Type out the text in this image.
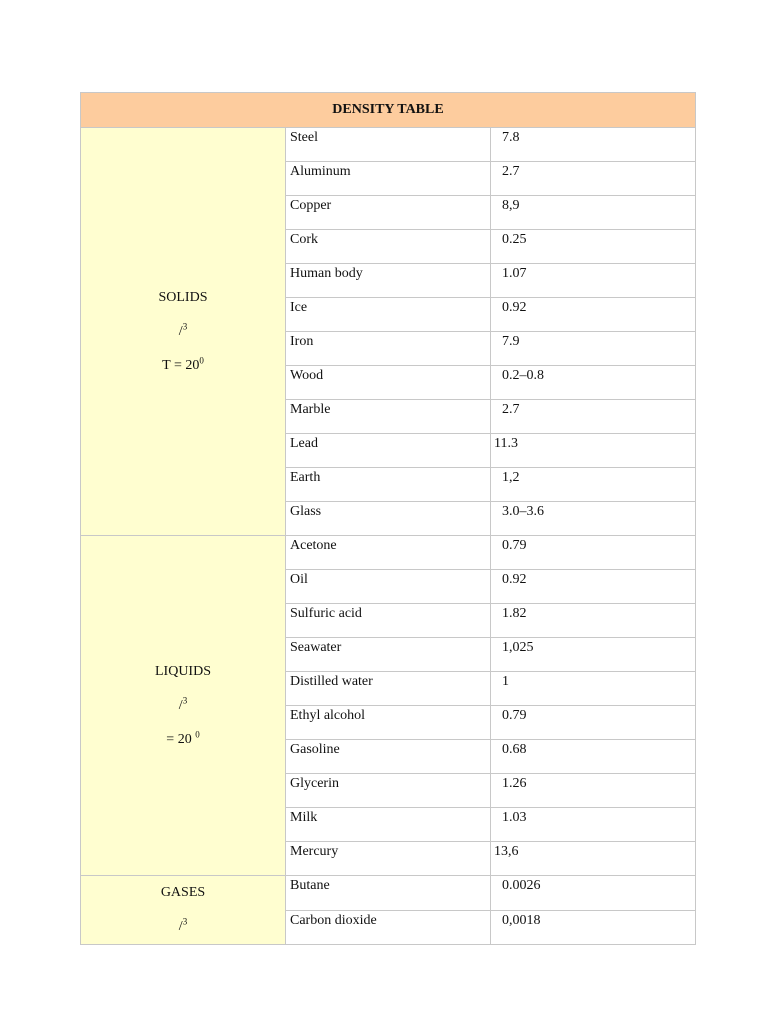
DENSITY TABLE		

SOLIDS
/$^3$
$T = 20^0$	Steel	7.8
	Aluminum	2.7
	Copper	8,9
	Cork	0.25
	Human body	1.07
	Ice	0.92
	Iron	7.9
	Wood	0.2–0.8
	Marble	2.7
	Lead	11.3
	Earth	1,2
	Glass	3.0–3.6

LIQUIDS
/$^3$
= 20 $^0$	Acetone	0.79
	Oil	0.92
	Sulfuric acid	1.82
	Seawater	1,025
	Distilled water	1
	Ethyl alcohol	0.79
	Gasoline	0.68
	Glycerin	1.26
	Milk	1.03
	Mercury	13,6

GASES
/$^3$	Butane	0.0026
	Carbon dioxide	0,0018
